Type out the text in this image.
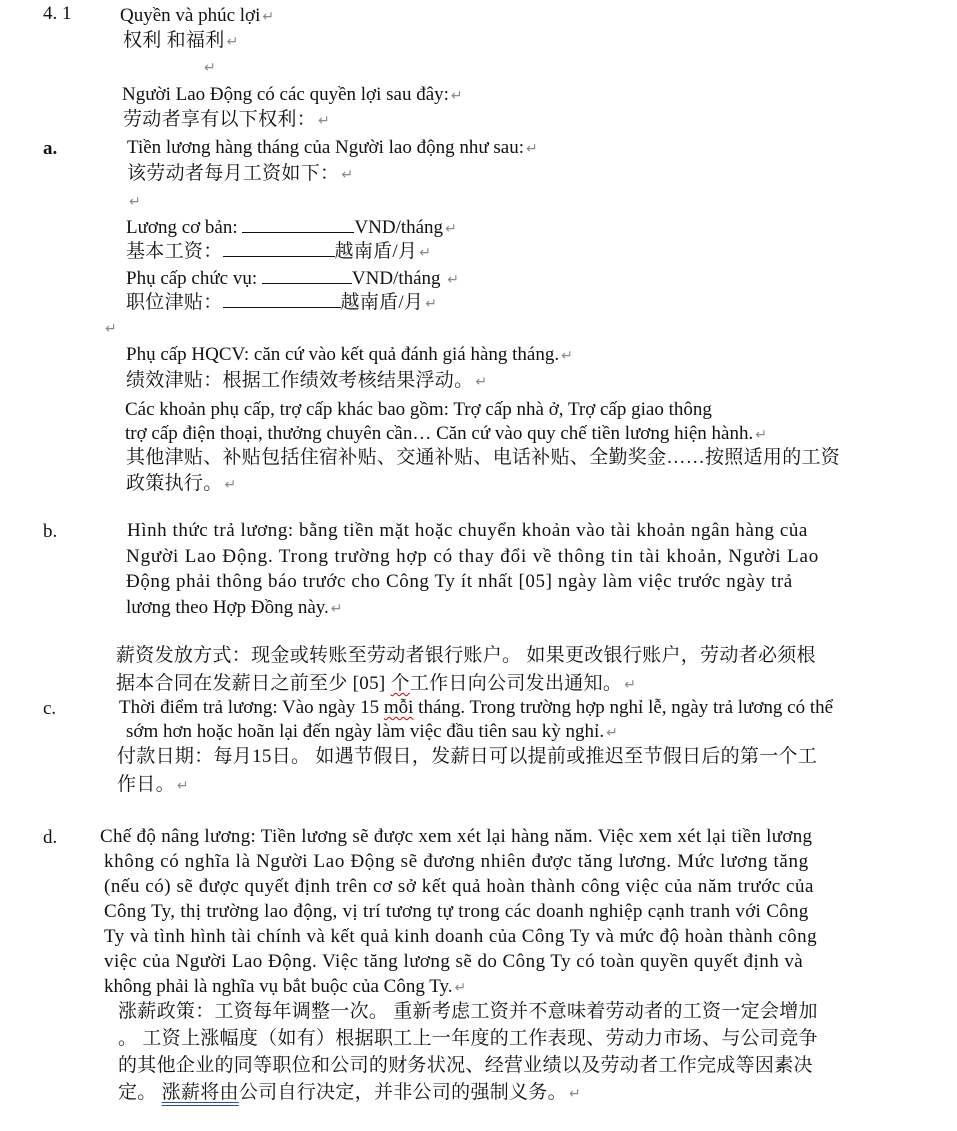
4. 1	Quyền và phúc lợi ↵
权利 和福利 ↵
↵
Người Lao Động có các quyền lợi sau đây: ↵
劳动者享有以下权利： ↵
a.	Tiền lương hàng tháng của Người lao động như sau: ↵
该劳动者每月工资如下： ↵
↵
Lương cơ bản:	VND/tháng ↵
基本工资：	越南盾/月 ↵
Phụ cấp chức vụ:	VND/tháng ↵
职位津贴：	越南盾/月 ↵
↵
Phụ cấp HQCV: căn cứ vào kết quả đánh giá hàng tháng. ↵
绩效津贴：根据工作绩效考核结果浮动。 ↵
Các khoản phụ cấp, trợ cấp khác bao gồm: Trợ cấp nhà ở, Trợ cấp giao thông
trợ cấp điện thoại, thưởng chuyên cần… Căn cứ vào quy chế tiền lương hiện hành. ↵
其他津贴、补贴包括住宿补贴、交通补贴、电话补贴、全勤奖金……按照适用的工资
政策执行。 ↵
b.	Hình thức trả lương: bằng tiền mặt hoặc chuyển khoản vào tài khoản ngân hàng của
Người Lao Động. Trong trường hợp có thay đổi về thông tin tài khoản, Người Lao
Động phải thông báo trước cho Công Ty ít nhất [05] ngày làm việc trước ngày trả
lương theo Hợp Đồng này. ↵
薪资发放方式：现金或转账至劳动者银行账户。 如果更改银行账户，劳动者必须根
据本合同在发薪日之前至少 [05] 个工作日向公司发出通知。 ↵
c.	Thời điểm trả lương: Vào ngày 15 mỗi tháng. Trong trường hợp nghỉ lễ, ngày trả lương có thể
sớm hơn hoặc hoãn lại đến ngày làm việc đầu tiên sau kỳ nghỉ. ↵
付款日期：每月15日。 如遇节假日，发薪日可以提前或推迟至节假日后的第一个工
作日。 ↵
d. Chế độ nâng lương: Tiền lương sẽ được xem xét lại hàng năm. Việc xem xét lại tiền lương
không có nghĩa là Người Lao Động sẽ đương nhiên được tăng lương. Mức lương tăng
(nếu có) sẽ được quyết định trên cơ sở kết quả hoàn thành công việc của năm trước của
Công Ty, thị trường lao động, vị trí tương tự trong các doanh nghiệp cạnh tranh với Công
Ty và tình hình tài chính và kết quả kinh doanh của Công Ty và mức độ hoàn thành công
việc của Người Lao Động. Việc tăng lương sẽ do Công Ty có toàn quyền quyết định và
không phải là nghĩa vụ bắt buộc của Công Ty. ↵
涨薪政策：工资每年调整一次。 重新考虑工资并不意味着劳动者的工资一定会增加
。 工资上涨幅度（如有）根据职工上一年度的工作表现、劳动力市场、与公司竞争
的其他企业的同等职位和公司的财务状况、经营业绩以及劳动者工作完成等因素决
定。 涨薪将由公司自行决定，并非公司的强制义务。 ↵
